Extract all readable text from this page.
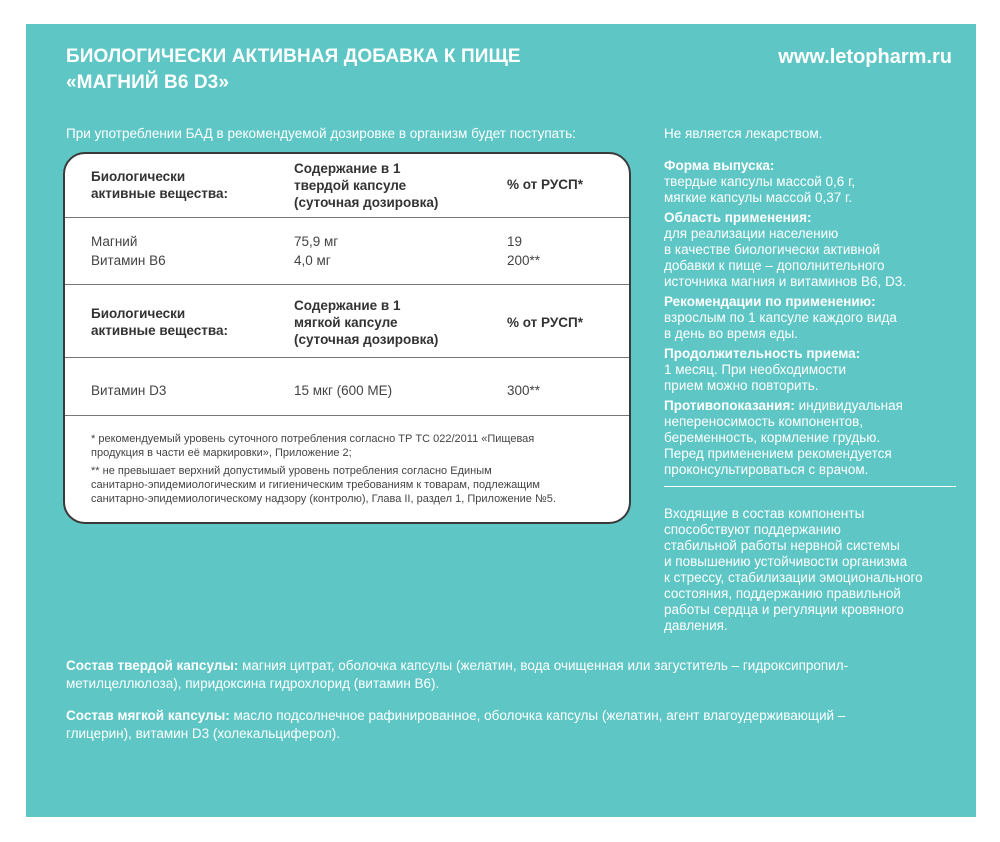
БИОЛОГИЧЕСКИ АКТИВНАЯ ДОБАВКА К ПИЩЕ
«МАГНИЙ В6 D3»
www.letopharm.ru
При употреблении БАД в рекомендуемой дозировке в организм будет поступать:
Биологически
активные вещества:
Содержание в 1
твердой капсуле
(суточная дозировка)
% от РУСП*
Магний
Витамин B6
75,9 мг
4,0 мг
19
200**
Биологически
активные вещества:
Содержание в 1
мягкой капсуле
(суточная дозировка)
% от РУСП*
Витамин D3	15 мкг (600 МЕ)	300**
* рекомендуемый уровень суточного потребления согласно ТР ТС 022/2011 «Пищевая
продукция в части её маркировки», Приложение 2;
** не превышает верхний допустимый уровень потребления согласно Единым
санитарно-эпидемиологическим и гигиеническим требованиям к товарам, подлежащим
санитарно-эпидемиологическому надзору (контролю), Глава II, раздел 1, Приложение №5.
Не является лекарством.
Форма выпуска:
твердые капсулы массой 0,6 г,
мягкие капсулы массой 0,37 г.
Область применения:
для реализации населению
в качестве биологически активной
добавки к пище – дополнительного
источника магния и витаминов B6, D3.
Рекомендации по применению:
взрослым по 1 капсуле каждого вида
в день во время еды.
Продолжительность приема:
1 месяц. При необходимости
прием можно повторить.
Противопоказания: индивидуальная
непереносимость компонентов,
беременность, кормление грудью.
Перед применением рекомендуется
проконсультироваться с врачом.
Входящие в состав компоненты
способствуют поддержанию
стабильной работы нервной системы
и повышению устойчивости организма
к стрессу, стабилизации эмоционального
состояния, поддержанию правильной
работы сердца и регуляции кровяного
давления.
Состав твердой капсулы: магния цитрат, оболочка капсулы (желатин, вода очищенная или загуститель – гидроксипропил-
метилцеллюлоза), пиридоксина гидрохлорид (витамин B6).
Состав мягкой капсулы: масло подсолнечное рафинированное, оболочка капсулы (желатин, агент влагоудерживающий –
глицерин), витамин D3 (холекальциферол).
